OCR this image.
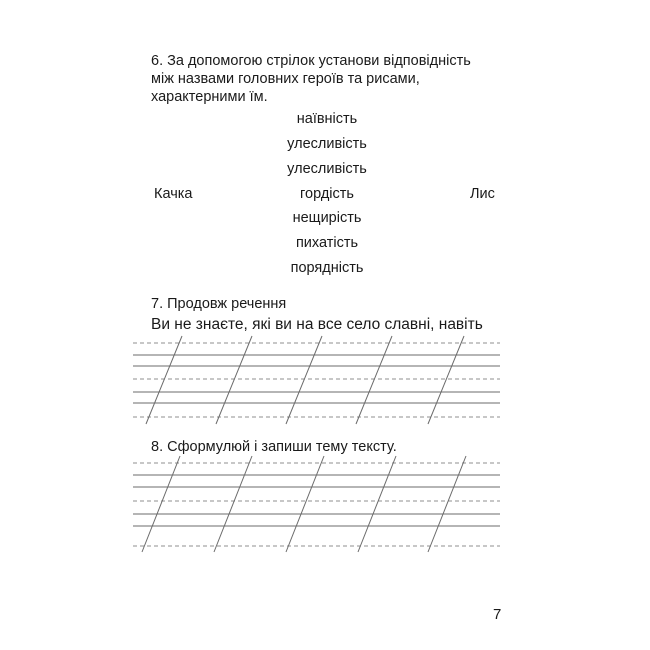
6. За допомогою стрілок установи відповідність
між назвами головних героїв та рисами,
характерними їм.
наївність
улесливість
улесливість
гордість
нещирість
пихатість
порядність
Качка	Лис
7. Продовж речення
Ви не знаєте, які ви на все село славні, навіть
8. Сформулюй і запиши тему тексту.
7
